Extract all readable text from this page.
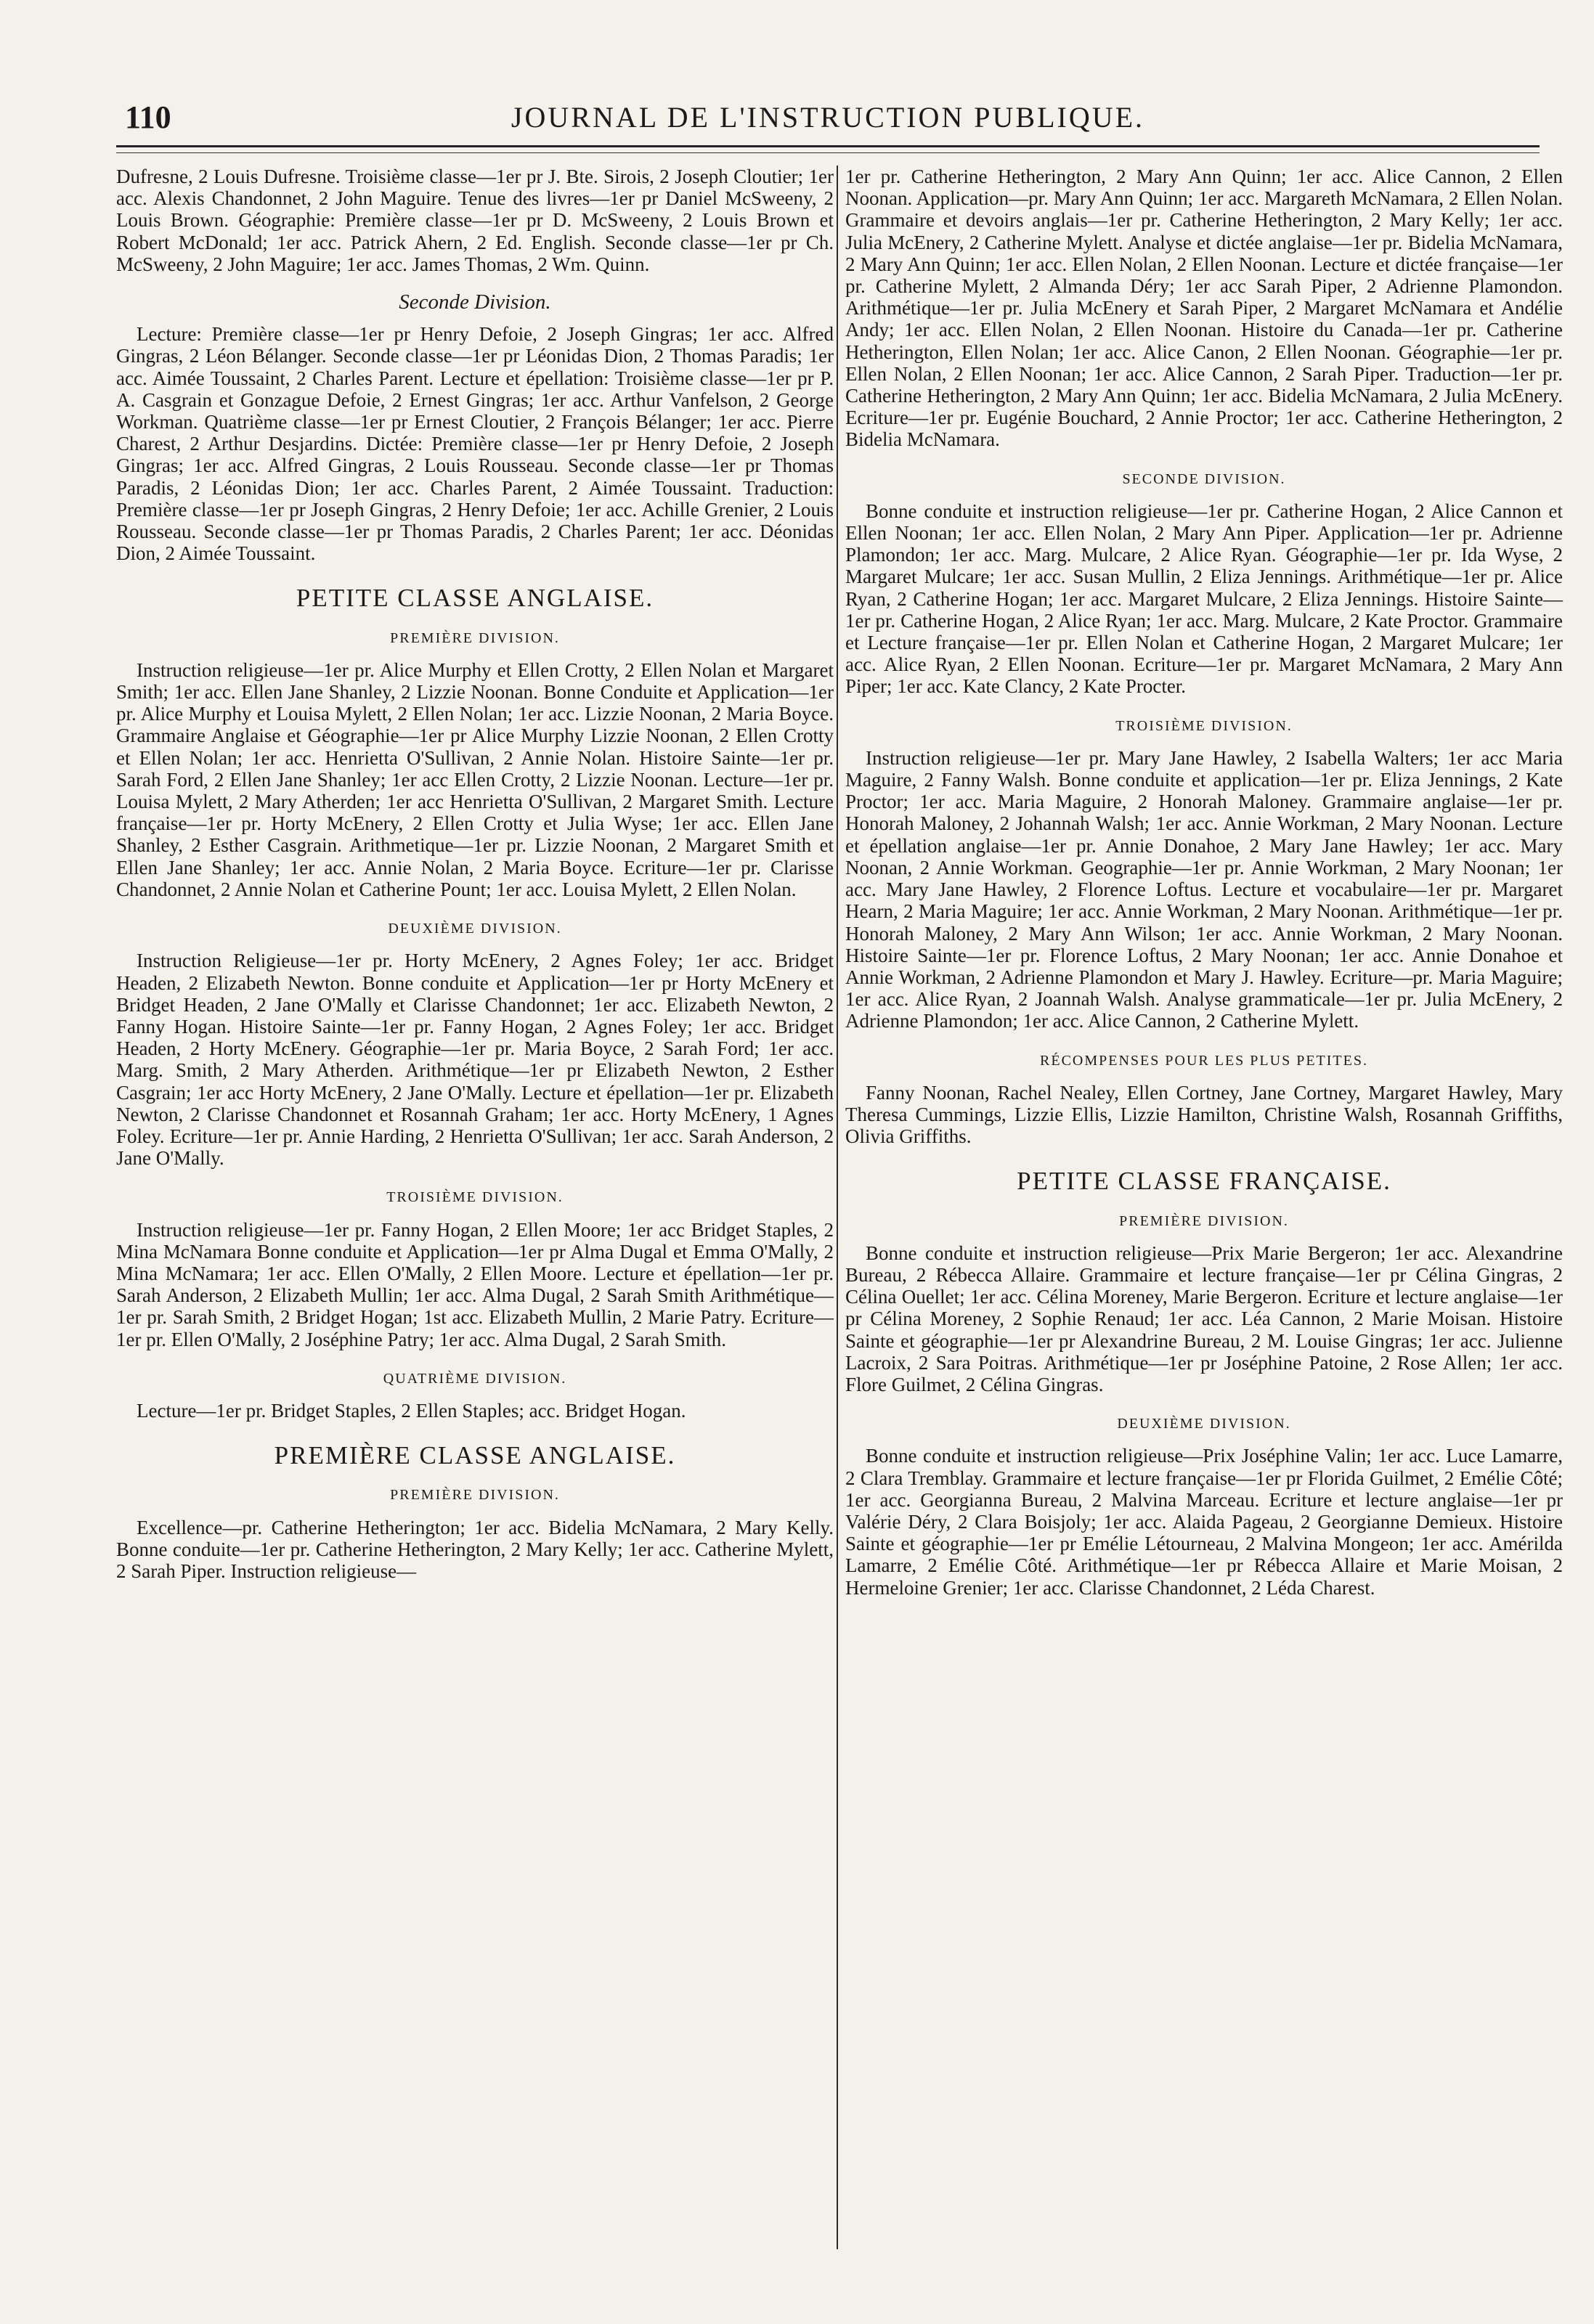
110	JOURNAL DE L'INSTRUCTION PUBLIQUE.

Dufresne, 2 Louis Dufresne. Troisième classe—1er pr J. Bte. Sirois, 2 Joseph Cloutier; 1er acc. Alexis Chandonnet, 2 John Maguire. Tenue des livres—1er pr Daniel McSweeny, 2 Louis Brown. Géographie: Première classe—1er pr D. McSweeny, 2 Louis Brown et Robert McDonald; 1er acc. Patrick Ahern, 2 Ed. English. Seconde classe—1er pr Ch. McSweeny, 2 John Maguire; 1er acc. James Thomas, 2 Wm. Quinn.

Seconde Division.

Lecture: Première classe—1er pr Henry Defoie, 2 Joseph Gingras; 1er acc. Alfred Gingras, 2 Léon Bélanger. Seconde classe—1er pr Léonidas Dion, 2 Thomas Paradis; 1er acc. Aimée Toussaint, 2 Charles Parent. Lecture et épellation: Troisième classe—1er pr P. A. Casgrain et Gonzague Defoie, 2 Ernest Gingras; 1er acc. Arthur Vanfelson, 2 George Workman. Quatrième classe—1er pr Ernest Cloutier, 2 François Bélanger; 1er acc. Pierre Charest, 2 Arthur Desjardins. Dictée: Première classe—1er pr Henry Defoie, 2 Joseph Gingras; 1er acc. Alfred Gingras, 2 Louis Rousseau. Seconde classe—1er pr Thomas Paradis, 2 Léonidas Dion; 1er acc. Charles Parent, 2 Aimée Toussaint. Traduction: Première classe—1er pr Joseph Gingras, 2 Henry Defoie; 1er acc. Achille Grenier, 2 Louis Rousseau. Seconde classe—1er pr Thomas Paradis, 2 Charles Parent; 1er acc. Déonidas Dion, 2 Aimée Toussaint.

PETITE CLASSE ANGLAISE.
PREMIÈRE DIVISION.

Instruction religieuse—1er pr. Alice Murphy et Ellen Crotty, 2 Ellen Nolan et Margaret Smith; 1er acc. Ellen Jane Shanley, 2 Lizzie Noonan. Bonne Conduite et Application—1er pr. Alice Murphy et Louisa Mylett, 2 Ellen Nolan; 1er acc. Lizzie Noonan, 2 Maria Boyce. Grammaire Anglaise et Géographie—1er pr Alice Murphy Lizzie Noonan, 2 Ellen Crotty et Ellen Nolan; 1er acc. Henrietta O'Sullivan, 2 Annie Nolan. Histoire Sainte—1er pr. Sarah Ford, 2 Ellen Jane Shanley; 1er acc Ellen Crotty, 2 Lizzie Noonan. Lecture—1er pr. Louisa Mylett, 2 Mary Atherden; 1er acc Henrietta O'Sullivan, 2 Margaret Smith. Lecture française—1er pr. Horty McEnery, 2 Ellen Crotty et Julia Wyse; 1er acc. Ellen Jane Shanley, 2 Esther Casgrain. Arithmetique—1er pr. Lizzie Noonan, 2 Margaret Smith et Ellen Jane Shanley; 1er acc. Annie Nolan, 2 Maria Boyce. Ecriture—1er pr. Clarisse Chandonnet, 2 Annie Nolan et Catherine Pount; 1er acc. Louisa Mylett, 2 Ellen Nolan.

DEUXIÈME DIVISION.

Instruction Religieuse—1er pr. Horty McEnery, 2 Agnes Foley; 1er acc. Bridget Headen, 2 Elizabeth Newton. Bonne conduite et Application—1er pr Horty McEnery et Bridget Headen, 2 Jane O'Mally et Clarisse Chandonnet; 1er acc. Elizabeth Newton, 2 Fanny Hogan. Histoire Sainte—1er pr. Fanny Hogan, 2 Agnes Foley; 1er acc. Bridget Headen, 2 Horty McEnery. Géographie—1er pr. Maria Boyce, 2 Sarah Ford; 1er acc. Marg. Smith, 2 Mary Atherden. Arithmétique—1er pr Elizabeth Newton, 2 Esther Casgrain; 1er acc Horty McEnery, 2 Jane O'Mally. Lecture et épellation—1er pr. Elizabeth Newton, 2 Clarisse Chandonnet et Rosannah Graham; 1er acc. Horty McEnery, 1 Agnes Foley. Ecriture—1er pr. Annie Harding, 2 Henrietta O'Sullivan; 1er acc. Sarah Anderson, 2 Jane O'Mally.

TROISIÈME DIVISION.

Instruction religieuse—1er pr. Fanny Hogan, 2 Ellen Moore; 1er acc Bridget Staples, 2 Mina McNamara Bonne conduite et Application—1er pr Alma Dugal et Emma O'Mally, 2 Mina McNamara; 1er acc. Ellen O'Mally, 2 Ellen Moore. Lecture et épellation—1er pr. Sarah Anderson, 2 Elizabeth Mullin; 1er acc. Alma Dugal, 2 Sarah Smith Arithmétique—1er pr. Sarah Smith, 2 Bridget Hogan; 1st acc. Elizabeth Mullin, 2 Marie Patry. Ecriture—1er pr. Ellen O'Mally, 2 Joséphine Patry; 1er acc. Alma Dugal, 2 Sarah Smith.

QUATRIÈME DIVISION.

Lecture—1er pr. Bridget Staples, 2 Ellen Staples; acc. Bridget Hogan.

PREMIÈRE CLASSE ANGLAISE.
PREMIÈRE DIVISION.

Excellence—pr. Catherine Hetherington; 1er acc. Bidelia McNamara, 2 Mary Kelly. Bonne conduite—1er pr. Catherine Hetherington, 2 Mary Kelly; 1er acc. Catherine Mylett, 2 Sarah Piper. Instruction religieuse—

1er pr. Catherine Hetherington, 2 Mary Ann Quinn; 1er acc. Alice Cannon, 2 Ellen Noonan. Application—pr. Mary Ann Quinn; 1er acc. Margareth McNamara, 2 Ellen Nolan. Grammaire et devoirs anglais—1er pr. Catherine Hetherington, 2 Mary Kelly; 1er acc. Julia McEnery, 2 Catherine Mylett. Analyse et dictée anglaise—1er pr. Bidelia McNamara, 2 Mary Ann Quinn; 1er acc. Ellen Nolan, 2 Ellen Noonan. Lecture et dictée française—1er pr. Catherine Mylett, 2 Almanda Déry; 1er acc Sarah Piper, 2 Adrienne Plamondon. Arithmétique—1er pr. Julia McEnery et Sarah Piper, 2 Margaret McNamara et Andélie Andy; 1er acc. Ellen Nolan, 2 Ellen Noonan. Histoire du Canada—1er pr. Catherine Hetherington, Ellen Nolan; 1er acc. Alice Canon, 2 Ellen Noonan. Géographie—1er pr. Ellen Nolan, 2 Ellen Noonan; 1er acc. Alice Cannon, 2 Sarah Piper. Traduction—1er pr. Catherine Hetherington, 2 Mary Ann Quinn; 1er acc. Bidelia McNamara, 2 Julia McEnery. Ecriture—1er pr. Eugénie Bouchard, 2 Annie Proctor; 1er acc. Catherine Hetherington, 2 Bidelia McNamara.

SECONDE DIVISION.

Bonne conduite et instruction religieuse—1er pr. Catherine Hogan, 2 Alice Cannon et Ellen Noonan; 1er acc. Ellen Nolan, 2 Mary Ann Piper. Application—1er pr. Adrienne Plamondon; 1er acc. Marg. Mulcare, 2 Alice Ryan. Géographie—1er pr. Ida Wyse, 2 Margaret Mulcare; 1er acc. Susan Mullin, 2 Eliza Jennings. Arithmétique—1er pr. Alice Ryan, 2 Catherine Hogan; 1er acc. Margaret Mulcare, 2 Eliza Jennings. Histoire Sainte—1er pr. Catherine Hogan, 2 Alice Ryan; 1er acc. Marg. Mulcare, 2 Kate Proctor. Grammaire et Lecture française—1er pr. Ellen Nolan et Catherine Hogan, 2 Margaret Mulcare; 1er acc. Alice Ryan, 2 Ellen Noonan. Ecriture—1er pr. Margaret McNamara, 2 Mary Ann Piper; 1er acc. Kate Clancy, 2 Kate Procter.

TROISIÈME DIVISION.

Instruction religieuse—1er pr. Mary Jane Hawley, 2 Isabella Walters; 1er acc Maria Maguire, 2 Fanny Walsh. Bonne conduite et application—1er pr. Eliza Jennings, 2 Kate Proctor; 1er acc. Maria Maguire, 2 Honorah Maloney. Grammaire anglaise—1er pr. Honorah Maloney, 2 Johannah Walsh; 1er acc. Annie Workman, 2 Mary Noonan. Lecture et épellation anglaise—1er pr. Annie Donahoe, 2 Mary Jane Hawley; 1er acc. Mary Noonan, 2 Annie Workman. Geographie—1er pr. Annie Workman, 2 Mary Noonan; 1er acc. Mary Jane Hawley, 2 Florence Loftus. Lecture et vocabulaire—1er pr. Margaret Hearn, 2 Maria Maguire; 1er acc. Annie Workman, 2 Mary Noonan. Arithmétique—1er pr. Honorah Maloney, 2 Mary Ann Wilson; 1er acc. Annie Workman, 2 Mary Noonan. Histoire Sainte—1er pr. Florence Loftus, 2 Mary Noonan; 1er acc. Annie Donahoe et Annie Workman, 2 Adrienne Plamondon et Mary J. Hawley. Ecriture—pr. Maria Maguire; 1er acc. Alice Ryan, 2 Joannah Walsh. Analyse grammaticale—1er pr. Julia McEnery, 2 Adrienne Plamondon; 1er acc. Alice Cannon, 2 Catherine Mylett.

RÉCOMPENSES POUR LES PLUS PETITES.

Fanny Noonan, Rachel Nealey, Ellen Cortney, Jane Cortney, Margaret Hawley, Mary Theresa Cummings, Lizzie Ellis, Lizzie Hamilton, Christine Walsh, Rosannah Griffiths, Olivia Griffiths.

PETITE CLASSE FRANÇAISE.
PREMIÈRE DIVISION.

Bonne conduite et instruction religieuse—Prix Marie Bergeron; 1er acc. Alexandrine Bureau, 2 Rébecca Allaire. Grammaire et lecture française—1er pr Célina Gingras, 2 Célina Ouellet; 1er acc. Célina Moreney, Marie Bergeron. Ecriture et lecture anglaise—1er pr Célina Moreney, 2 Sophie Renaud; 1er acc. Léa Cannon, 2 Marie Moisan. Histoire Sainte et géographie—1er pr Alexandrine Bureau, 2 M. Louise Gingras; 1er acc. Julienne Lacroix, 2 Sara Poitras. Arithmétique—1er pr Joséphine Patoine, 2 Rose Allen; 1er acc. Flore Guilmet, 2 Célina Gingras.

DEUXIÈME DIVISION.

Bonne conduite et instruction religieuse—Prix Joséphine Valin; 1er acc. Luce Lamarre, 2 Clara Tremblay. Grammaire et lecture française—1er pr Florida Guilmet, 2 Emélie Côté; 1er acc. Georgianna Bureau, 2 Malvina Marceau. Ecriture et lecture anglaise—1er pr Valérie Déry, 2 Clara Boisjoly; 1er acc. Alaida Pageau, 2 Georgianne Demieux. Histoire Sainte et géographie—1er pr Emélie Létourneau, 2 Malvina Mongeon; 1er acc. Amérilda Lamarre, 2 Emélie Côté. Arithmétique—1er pr Rébecca Allaire et Marie Moisan, 2 Hermeloine Grenier; 1er acc. Clarisse Chandonnet, 2 Léda Charest.
